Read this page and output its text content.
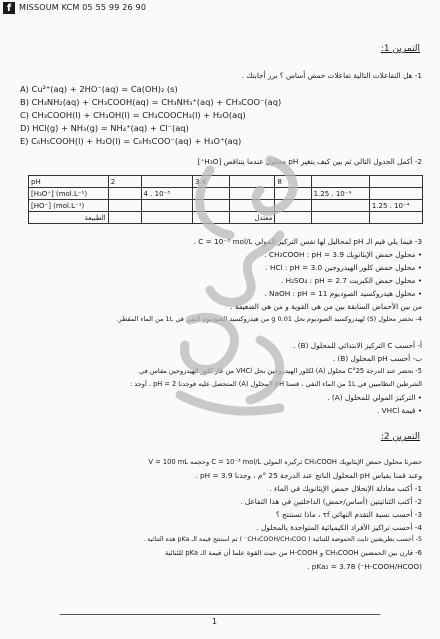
f MISSOUM KCM 05 55 99 26 90
التمرين 1:
1- هل التفاعلات التالية تفاعلات حمض أساس ؟ برر أجابتك .
A) Cu²⁺(aq) + 2HO⁻(aq) = Ca(OH)₂ (s)
B) CH₃NH₂(aq) + CH₃COOH(aq) = CH₃NH₃⁺(aq) + CH₃COO⁻(aq)
C) CH₃COOH(l) + CH₃OH(l) = CH₃COOCH₃(l) + H₂O(aq)
D) HCl(g) + NH₃(g) = NH₄⁺(aq) + Cl⁻(aq)
E) C₆H₅COOH(l) + H₂O(l) = C₆H₅COO⁻(aq) + H₃O⁺(aq)
2- أكمل الجدول التالي ثم بين كيف يتغير pH محلول عندما يتناقص [H₃O⁺]
pH	2		3.4		8		
[H₃O⁺] (mol.L⁻¹)		4 . 10⁻³				1.25 . 10⁻⁹	
[HO⁻] (mol.L⁻¹)							1.25 . 10⁻⁴
الطبيعة				معتدل			
3- فيما يلي قيم الـ pH لمحاليل لها نفس التركيز المولي C = 10⁻³ mol/L .
• محلول حمض الإيثانويك CH₃COOH : pH = 3.9 .
• محلول حمض كلور الهيدروجين HCl : pH = 3.0 .
• محلول حمض الكبريت H₂SO₄ : pH = 2.7 .
• محلول هيدروكسيد الصوديوم NaOH : pH = 11 .
من بين الأحماض السابقة بين من هي القوية و من هي الضعيفة .
4- نحضر محلول (S) لهيدروكسيد الصوديوم بحل 0.01 g من هيدروكسيد الصوديوم النقي في 1L من الماء المقطر.
أ- أحسب C التركيز الابتدائي للمحلول (B) .
ب- أحسب pH المحلول (B) .
5- نحضر عند الدرجة 25°C محلول (A) لكلور الهيدروجين بحل VHCl من غاز كلور الهيدروجين مقاس في
الشرطين النظاميين في 1L من الماء النقي ، قسنا pH المحلول (A) المتحصل عليه فوجدنا pH = 2 . أوجد :
• التركيز المولي للمحلول (A) .
• قيمة VHCl .
التمرين 2:
حضرنا محلول حمض الإيثانويك CH₃COOH تركيزه المولي C = 10⁻³ mol/L وحجمه V = 100 mL
وعند قمنا بقياس pH المحلول الناتج عند الدرجة 25 °م ، وجدنا pH = 3.9 .
1- أكتب معادلة الإنحلال حمض الإيثانويك في الماء .
2- أكتب الثنائيتين (أساس/حمض) الداخلتين في هذا التفاعل .
3- أحسب نسبة التقدم النهائي τf ، ماذا تستنتج ؟
4- أحسب تراكيز الأفراد الكيميائية المتواجدة بالمحلول .
5- أحسب بطريقتين ثابت الحموضة للثنائية ( CH₃COOH/CH₃COO⁻ ) ثم استنتج قيمة الـ pKa هذه الثنائية .
6- قارن بين الحمضين CH₃COOH و H-COOH من حيث القوة علما أن قيمة الـ pKa للثنائية
(H-COOH/HCOO⁻) pKa₂ = 3.78 .
1
